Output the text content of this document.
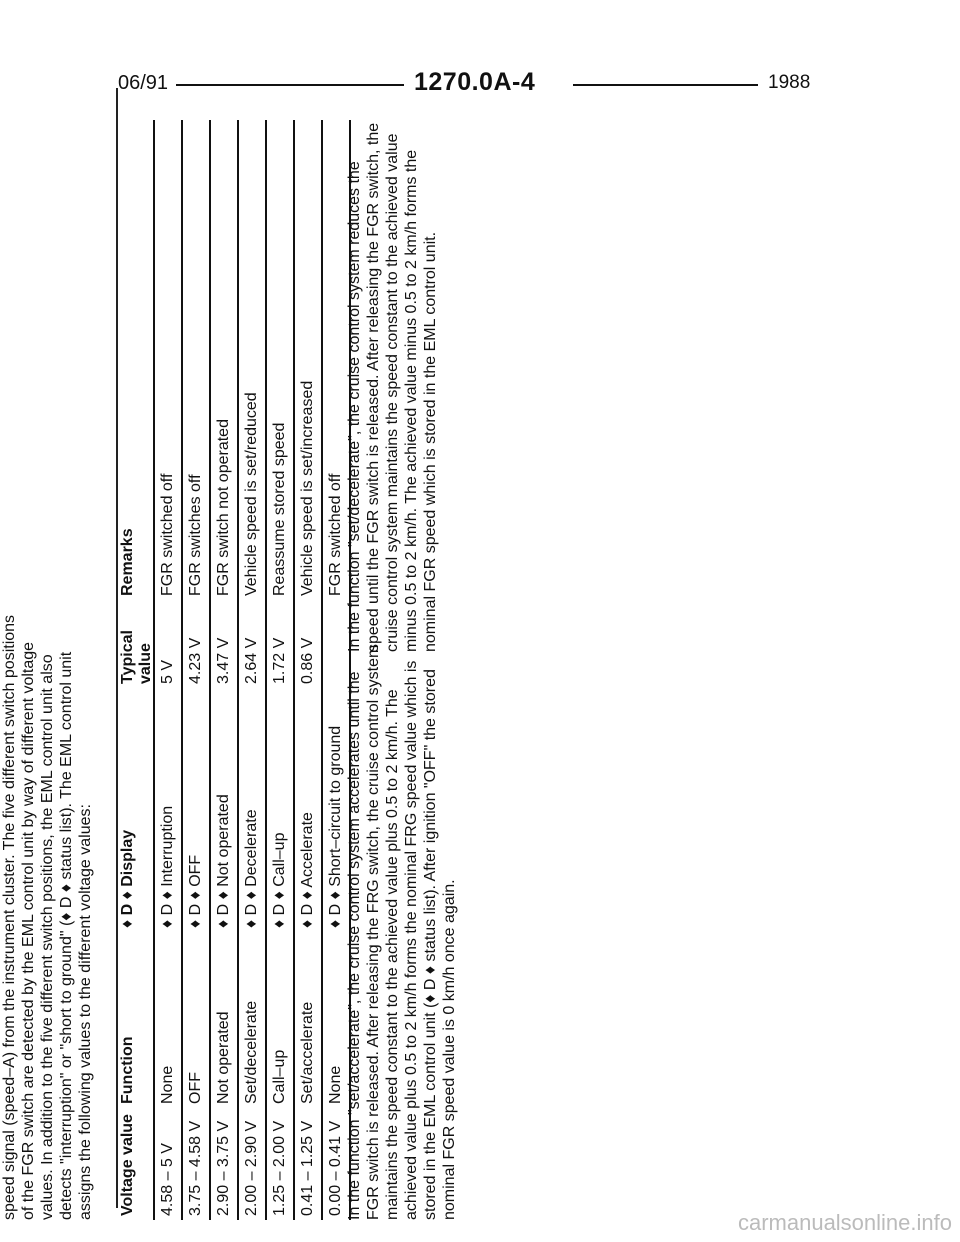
06/91	1270.0A-4	1988

speed signal (speed–A) from the instrument cluster. The five different switch positions of the FGR switch are detected by the EML control unit by way of different voltage values. In addition to the five different switch positions, the EML control unit also detects "interruption" or "short to ground" (♦ D ♦ status list). The EML control unit assigns the following values to the different voltage values:

Voltage value
Function
♦ D ♦ Display
Typical
value
Remarks
4.58 – 5 V
None
♦ D ♦ Interruption
5 V
FGR switched off
3.75 – 4.58 V
OFF
♦ D ♦ OFF
4.23 V
FGR switches off
2.90 – 3.75 V
Not operated
♦ D ♦ Not operated
3.47 V
FGR switch not operated
2.00 – 2.90 V
Set/decelerate
♦ D ♦ Decelerate
2.64 V
Vehicle speed is set/reduced
1.25 – 2.00 V
Call–up
♦ D ♦ Call–up
1.72 V
Reassume stored speed
0.41 – 1.25 V
Set/accelerate
♦ D ♦ Accelerate
0.86 V
Vehicle speed is set/increased
0.00 – 0.41 V
None
♦ D ♦ Short–circuit to ground
FGR switched off

In the function "set/accelerate", the cruise control system accelerates until the FGR switch is released. After releasing the FRG switch, the cruise control system maintains the speed constant to the achieved value plus 0.5 to 2 km/h. The achieved value plus 0.5 to 2 km/h forms the nominal FRG speed value which is stored in the EML control unit (♦ D ♦ status list). After ignition "OFF" the stored nominal FGR speed value is 0 km/h once again.

In the function "set/decelerate", the cruise control system reduces the speed until the FGR switch is released. After releasing the FGR switch, the cruise control system maintains the speed constant to the achieved value minus 0.5 to 2 km/h. The achieved value minus 0.5 to 2 km/h forms the nominal FGR speed which is stored in the EML control unit.

carmanualsonline.info
